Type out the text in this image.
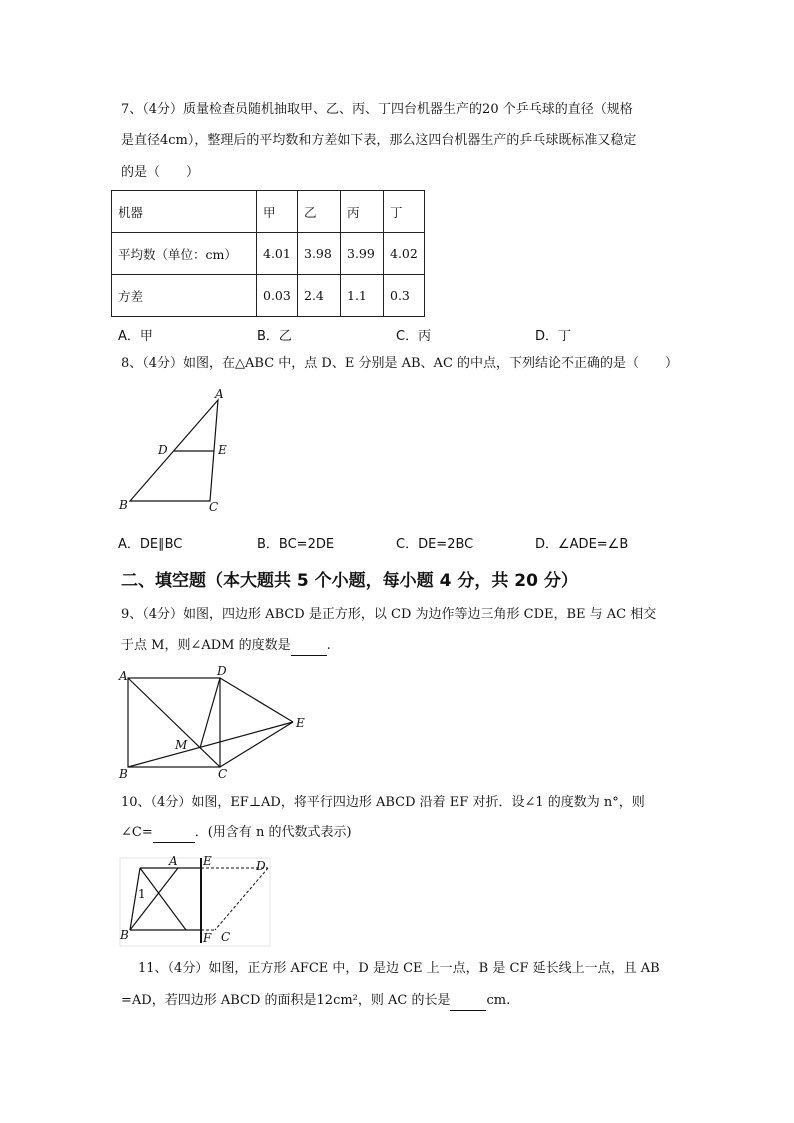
7、（4分）质量检查员随机抽取甲、乙、丙、丁四台机器生产的20 个乒乓球的直径（规格
是直径4cm），整理后的平均数和方差如下表，那么这四台机器生产的乒乓球既标准又稳定
的是（　　）
机器	甲	乙	丙	丁
平均数（单位：cm）	4.01	3.98	3.99	4.02
方差	0.03	2.4	1.1	0.3
A．甲	B．乙	C．丙	D．丁
8、（4分）如图，在△ABC 中，点 D、E 分别是 AB、AC 的中点，下列结论不正确的是（　　）
A
B	C
D	E
A
B	C
D
E
M
A E	D
B	F C
1
A．DE∥BC	B．BC=2DE	C．DE=2BC	D．∠ADE=∠B
二、填空题（本大题共 5 个小题，每小题 4 分，共 20 分）
9、（4分）如图，四边形 ABCD 是正方形，以 CD 为边作等边三角形 CDE，BE 与 AC 相交
于点 M，则∠ADM 的度数是	.
10、（4分）如图，EF⊥AD，将平行四边形 ABCD 沿着 EF 对折．设∠1 的度数为 n°，则
∠C=	．(用含有 n 的代数式表示)
11、（4分）如图，正方形 AFCE 中，D 是边 CE 上一点，B 是 CF 延长线上一点，且 AB
=AD，若四边形 ABCD 的面积是12cm²，则 AC 的长是	cm.
